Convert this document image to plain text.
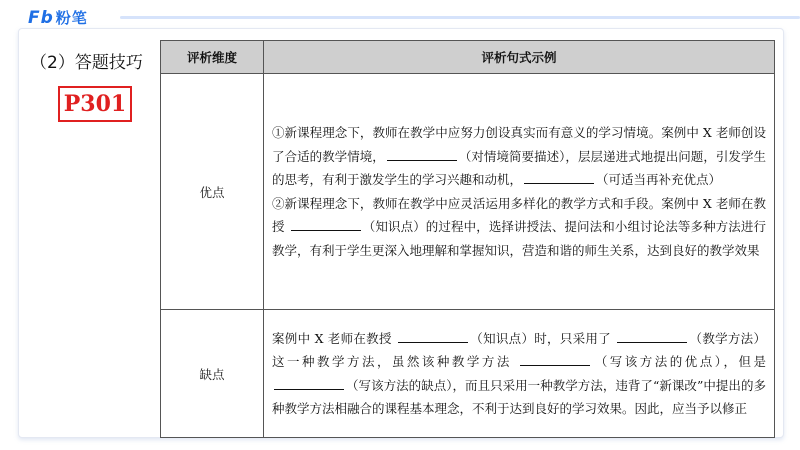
Fb 粉笔
（2）答题技巧
P301
评析维度	评析句式示例
优点	①新课程理念下，教师在教学中应努力创设真实而有意义的学习情境。案例中 X 老师创设了合适的教学情境， （对情境简要描述），层层递进式地提出问题，引发学生的思考，有利于激发学生的学习兴趣和动机， （可适当再补充优点）
②新课程理念下，教师在教学中应灵活运用多样化的教学方式和手段。案例中 X 老师在教授 （知识点）的过程中，选择讲授法、提问法和小组讨论法等多种方法进行教学，有利于学生更深入地理解和掌握知识，营造和谐的师生关系，达到良好的教学效果

缺点	案例中 X 老师在教授 （知识点）时，只采用了 （教学方法）这一种教学方法，虽然该种教学方法 （写该方法的优点），但是 （写该方法的缺点），而且只采用一种教学方法，违背了“新课改”中提出的多种教学方法相融合的课程基本理念，不利于达到良好的学习效果。因此，应当予以修正
